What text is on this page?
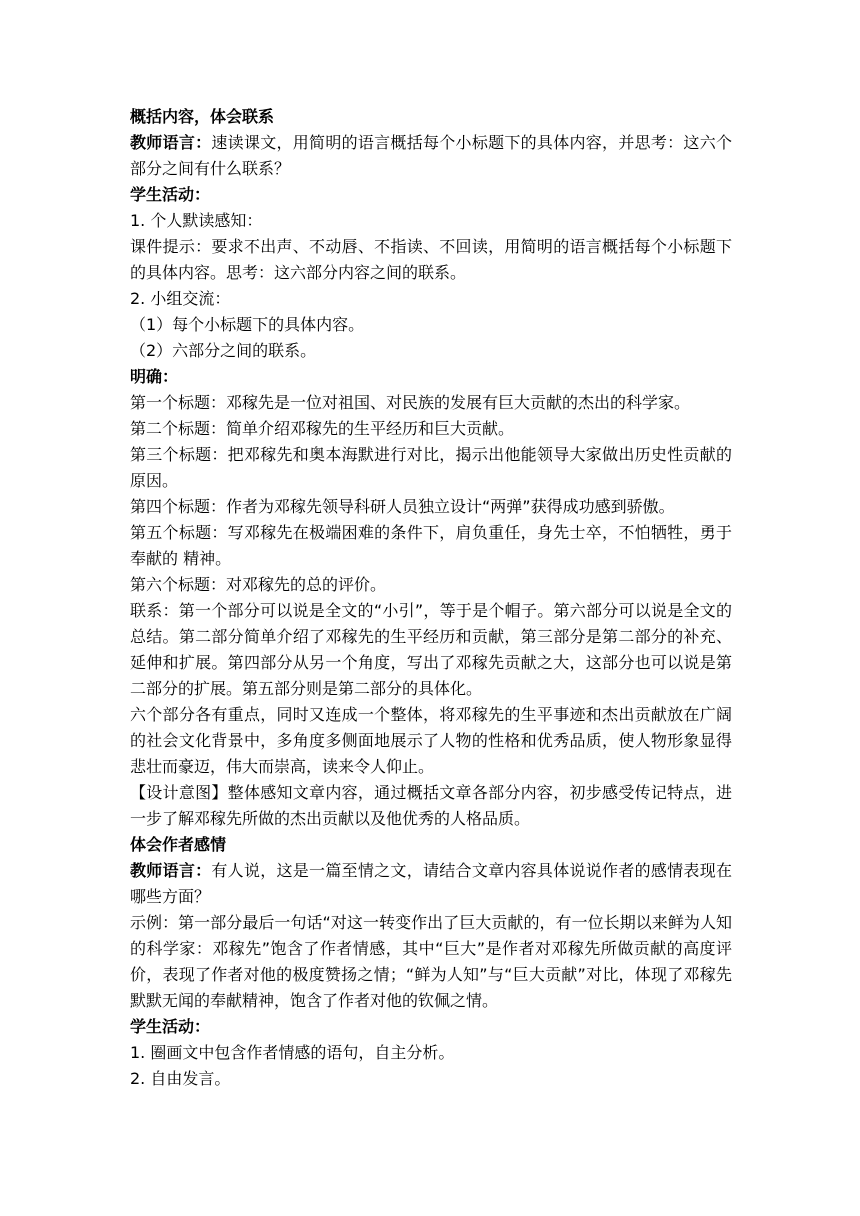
概括内容，体会联系

教师语言：速读课文，用简明的语言概括每个小标题下的具体内容，并思考：这六个部分之间有什么联系？

学生活动：

1. 个人默读感知：

课件提示：要求不出声、不动唇、不指读、不回读，用简明的语言概括每个小标题下的具体内容。思考：这六部分内容之间的联系。

2. 小组交流：

（1）每个小标题下的具体内容。

（2）六部分之间的联系。

明确：

第一个标题：邓稼先是一位对祖国、对民族的发展有巨大贡献的杰出的科学家。

第二个标题：简单介绍邓稼先的生平经历和巨大贡献。

第三个标题：把邓稼先和奥本海默进行对比，揭示出他能领导大家做出历史性贡献的原因。

第四个标题：作者为邓稼先领导科研人员独立设计“两弹”获得成功感到骄傲。

第五个标题：写邓稼先在极端困难的条件下，肩负重任，身先士卒，不怕牺牲，勇于奉献的 精神。

第六个标题：对邓稼先的总的评价。

联系：第一个部分可以说是全文的“小引”，等于是个帽子。第六部分可以说是全文的总结。第二部分简单介绍了邓稼先的生平经历和贡献，第三部分是第二部分的补充、延伸和扩展。第四部分从另一个角度，写出了邓稼先贡献之大，这部分也可以说是第二部分的扩展。第五部分则是第二部分的具体化。

六个部分各有重点，同时又连成一个整体，将邓稼先的生平事迹和杰出贡献放在广阔的社会文化背景中，多角度多侧面地展示了人物的性格和优秀品质，使人物形象显得悲壮而豪迈，伟大而崇高，读来令人仰止。

【设计意图】整体感知文章内容，通过概括文章各部分内容，初步感受传记特点，进一步了解邓稼先所做的杰出贡献以及他优秀的人格品质。

体会作者感情

教师语言：有人说，这是一篇至情之文，请结合文章内容具体说说作者的感情表现在哪些方面？

示例：第一部分最后一句话“对这一转变作出了巨大贡献的，有一位长期以来鲜为人知的科学家：邓稼先”饱含了作者情感，其中“巨大”是作者对邓稼先所做贡献的高度评价，表现了作者对他的极度赞扬之情；“鲜为人知”与“巨大贡献”对比，体现了邓稼先默默无闻的奉献精神，饱含了作者对他的钦佩之情。

学生活动：

1. 圈画文中包含作者情感的语句，自主分析。

2. 自由发言。
